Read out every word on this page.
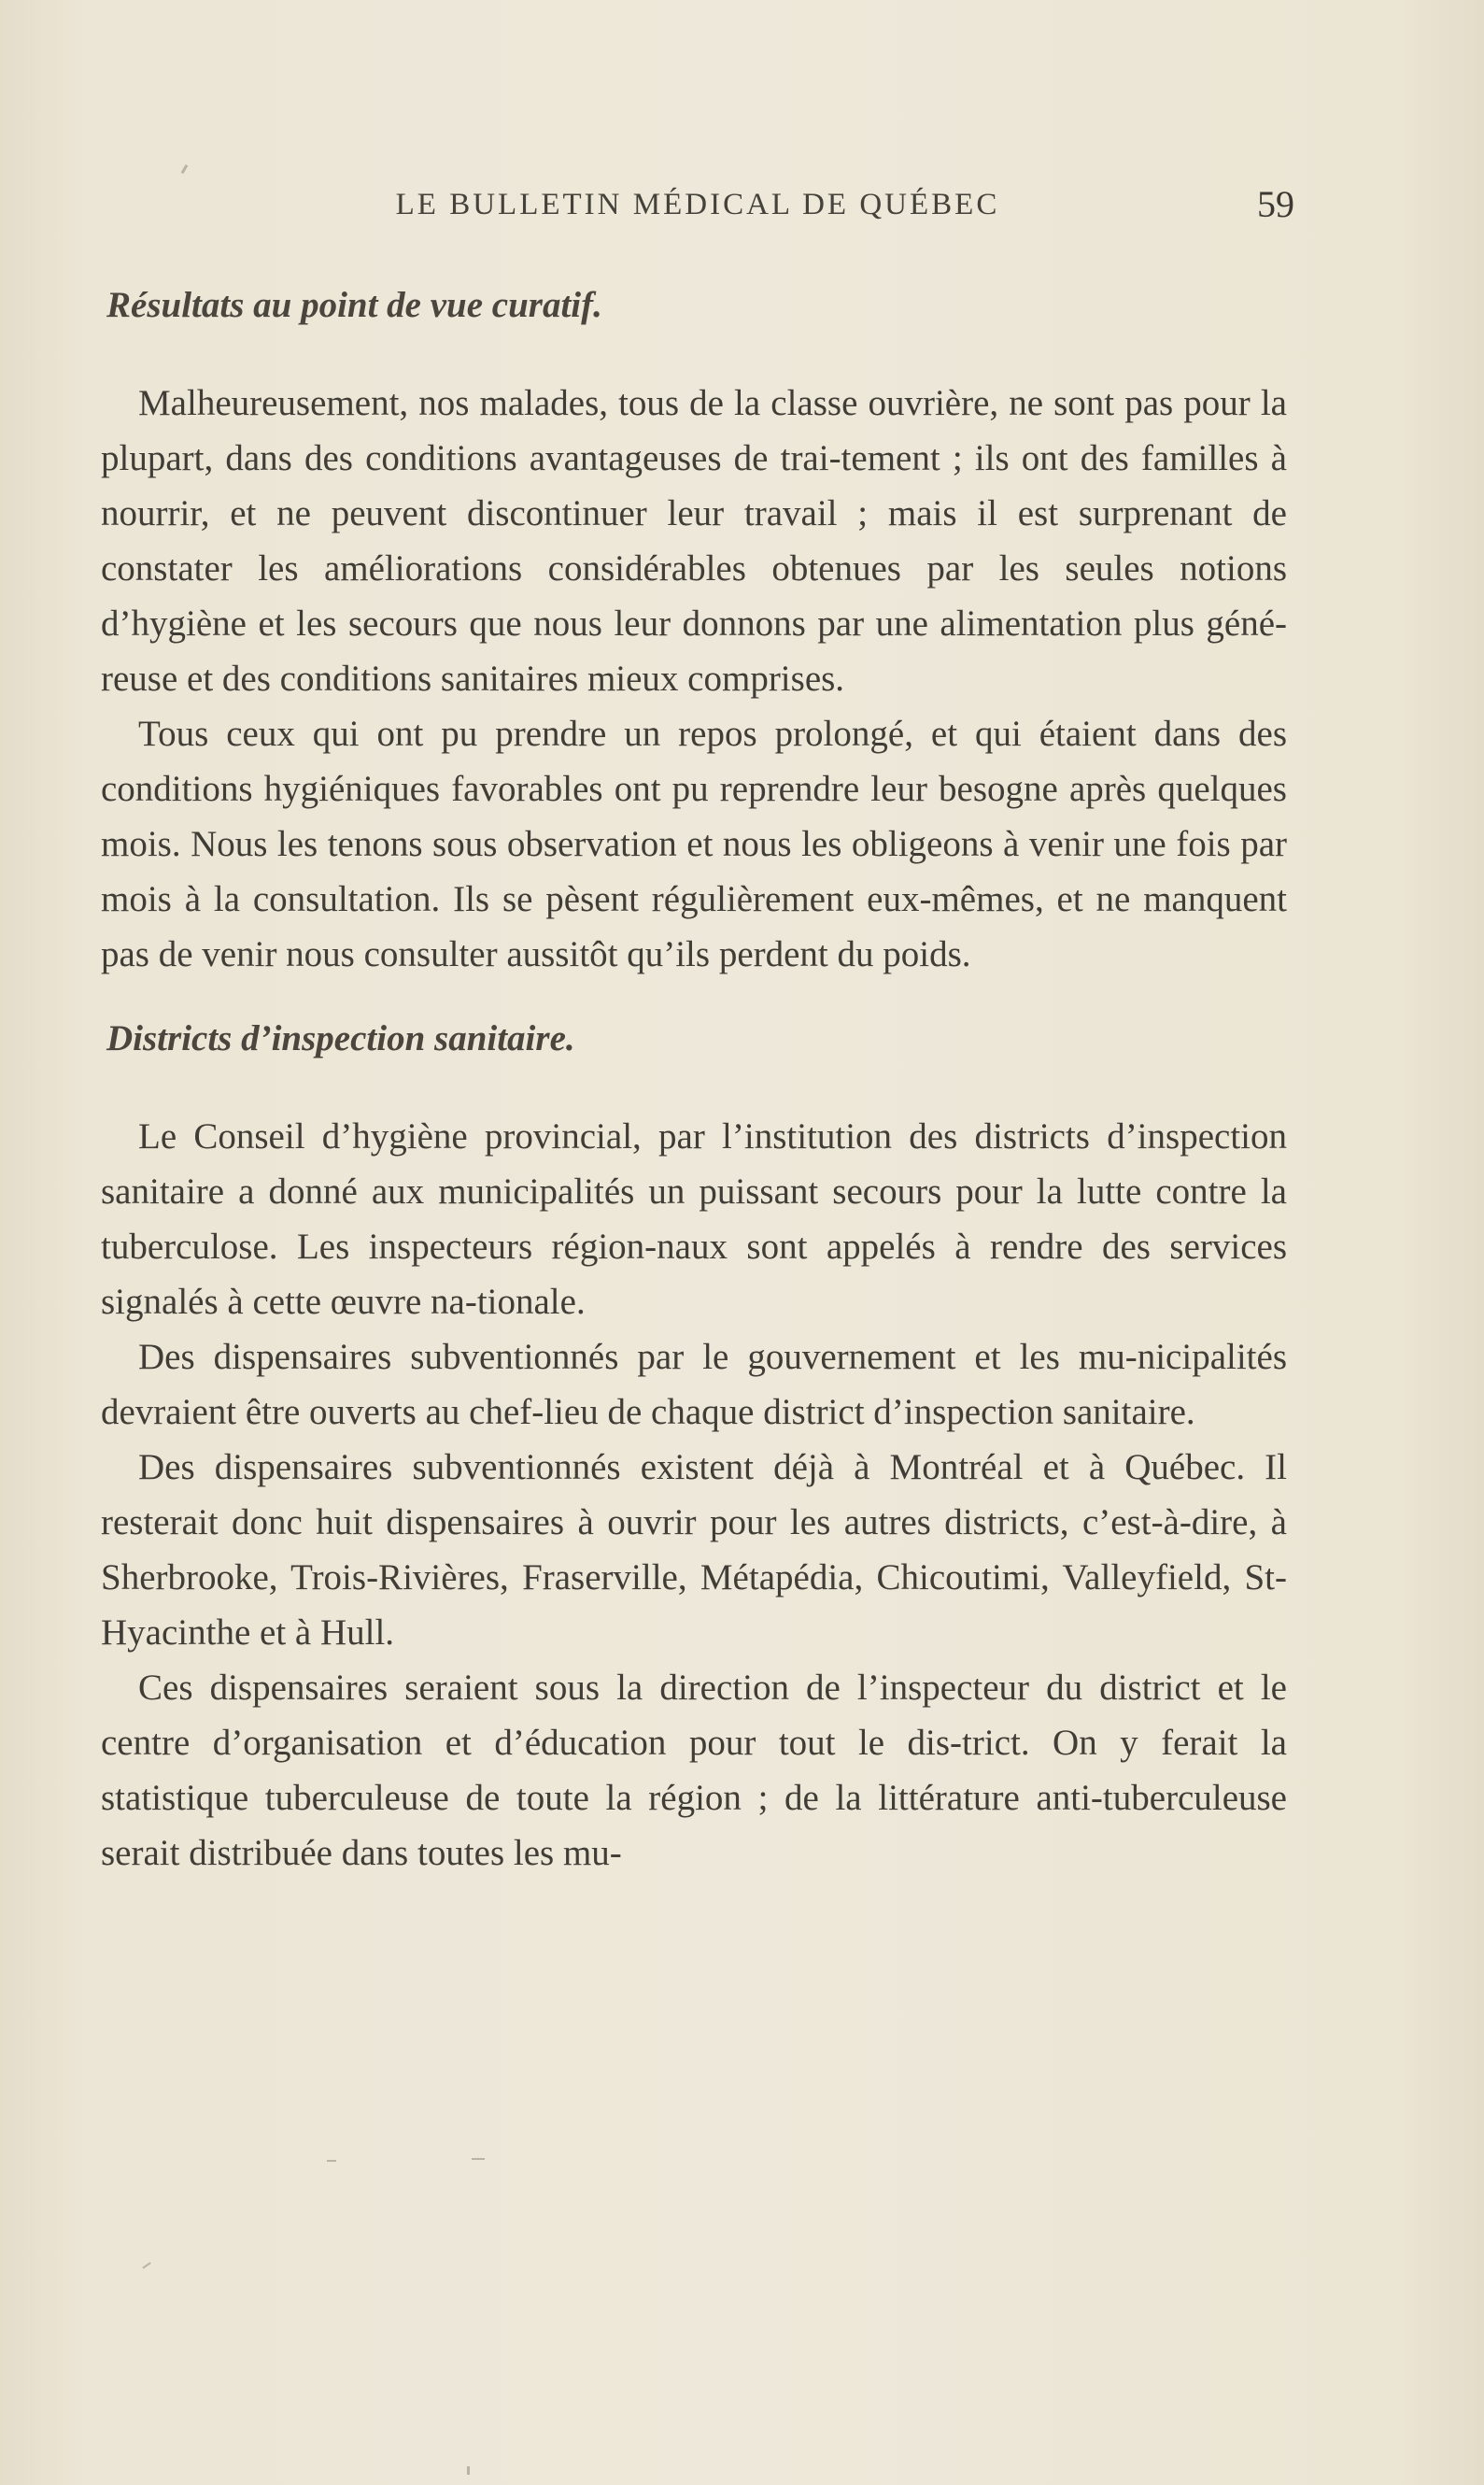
LE BULLETIN MÉDICAL DE QUÉBEC	59
Résultats au point de vue curatif.

Malheureusement, nos malades, tous de la classe ouvrière, ne sont pas pour la plupart, dans des conditions avantageuses de trai-tement ; ils ont des familles à nourrir, et ne peuvent discontinuer leur travail ; mais il est surprenant de constater les améliorations considérables obtenues par les seules notions d’hygiène et les secours que nous leur donnons par une alimentation plus géné-reuse et des conditions sanitaires mieux comprises.

Tous ceux qui ont pu prendre un repos prolongé, et qui étaient dans des conditions hygiéniques favorables ont pu reprendre leur besogne après quelques mois. Nous les tenons sous observation et nous les obligeons à venir une fois par mois à la consultation. Ils se pèsent régulièrement eux-mêmes, et ne manquent pas de venir nous consulter aussitôt qu’ils perdent du poids.

Districts d’inspection sanitaire.

Le Conseil d’hygiène provincial, par l’institution des districts d’inspection sanitaire a donné aux municipalités un puissant secours pour la lutte contre la tuberculose. Les inspecteurs région-naux sont appelés à rendre des services signalés à cette œuvre na-tionale.

Des dispensaires subventionnés par le gouvernement et les mu-nicipalités devraient être ouverts au chef-lieu de chaque district d’inspection sanitaire.

Des dispensaires subventionnés existent déjà à Montréal et à Québec. Il resterait donc huit dispensaires à ouvrir pour les autres districts, c’est-à-dire, à Sherbrooke, Trois-Rivières, Fraserville, Métapédia, Chicoutimi, Valleyfield, St-Hyacinthe et à Hull.

Ces dispensaires seraient sous la direction de l’inspecteur du district et le centre d’organisation et d’éducation pour tout le dis-trict. On y ferait la statistique tuberculeuse de toute la région ; de la littérature anti-tuberculeuse serait distribuée dans toutes les mu-
